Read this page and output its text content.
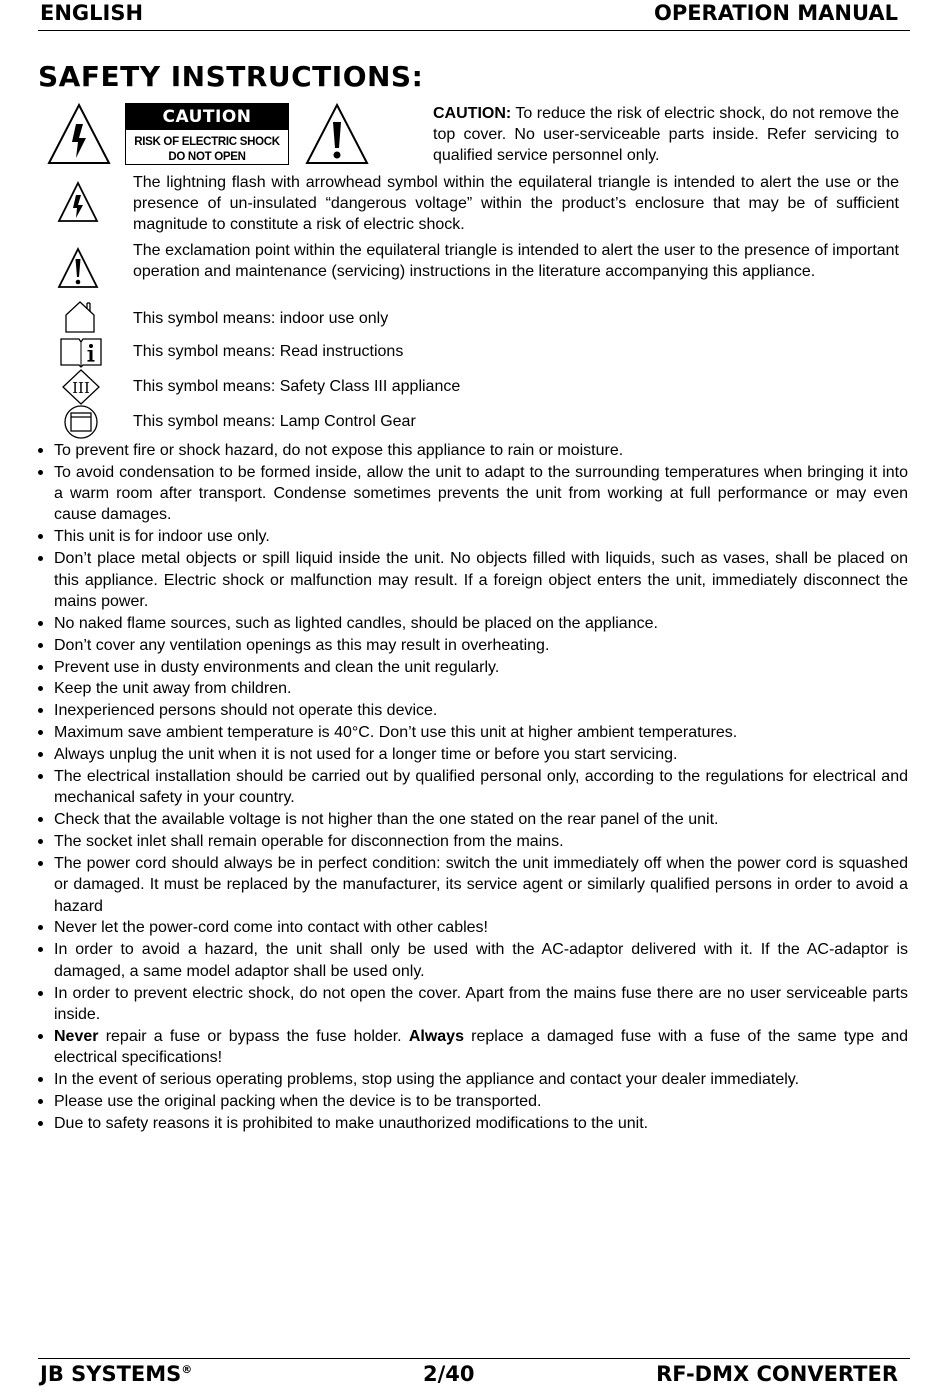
ENGLISH	OPERATION MANUAL
SAFETY INSTRUCTIONS:
CAUTION
RISK OF ELECTRIC SHOCK
DO NOT OPEN
CAUTION: To reduce the risk of electric shock, do not remove the top cover. No user-serviceable parts inside. Refer servicing to qualified service personnel only.
The lightning flash with arrowhead symbol within the equilateral triangle is intended to alert the use or the presence of un-insulated “dangerous voltage” within the product’s enclosure that may be of sufficient magnitude to constitute a risk of electric shock.
The exclamation point within the equilateral triangle is intended to alert the user to the presence of important operation and maintenance (servicing) instructions in the literature accompanying this appliance.
This symbol means: indoor use only
This symbol means: Read instructions
III	This symbol means: Safety Class III appliance
This symbol means: Lamp Control Gear
To prevent fire or shock hazard, do not expose this appliance to rain or moisture.
To avoid condensation to be formed inside, allow the unit to adapt to the surrounding temperatures when bringing it into a warm room after transport. Condense sometimes prevents the unit from working at full performance or may even cause damages.
This unit is for indoor use only.
Don’t place metal objects or spill liquid inside the unit. No objects filled with liquids, such as vases, shall be placed on this appliance. Electric shock or malfunction may result. If a foreign object enters the unit, immediately disconnect the mains power.
No naked flame sources, such as lighted candles, should be placed on the appliance.
Don’t cover any ventilation openings as this may result in overheating.
Prevent use in dusty environments and clean the unit regularly.
Keep the unit away from children.
Inexperienced persons should not operate this device.
Maximum save ambient temperature is 40°C. Don’t use this unit at higher ambient temperatures.
Always unplug the unit when it is not used for a longer time or before you start servicing.
The electrical installation should be carried out by qualified personal only, according to the regulations for electrical and mechanical safety in your country.
Check that the available voltage is not higher than the one stated on the rear panel of the unit.
The socket inlet shall remain operable for disconnection from the mains.
The power cord should always be in perfect condition: switch the unit immediately off when the power cord is squashed or damaged. It must be replaced by the manufacturer, its service agent or similarly qualified persons in order to avoid a hazard
Never let the power-cord come into contact with other cables!
In order to avoid a hazard, the unit shall only be used with the AC-adaptor delivered with it. If the AC-adaptor is damaged, a same model adaptor shall be used only.
In order to prevent electric shock, do not open the cover. Apart from the mains fuse there are no user serviceable parts inside.
Never repair a fuse or bypass the fuse holder. Always replace a damaged fuse with a fuse of the same type and electrical specifications!
In the event of serious operating problems, stop using the appliance and contact your dealer immediately.
Please use the original packing when the device is to be transported.
Due to safety reasons it is prohibited to make unauthorized modifications to the unit.
JB SYSTEMS®	2/40	RF-DMX CONVERTER
